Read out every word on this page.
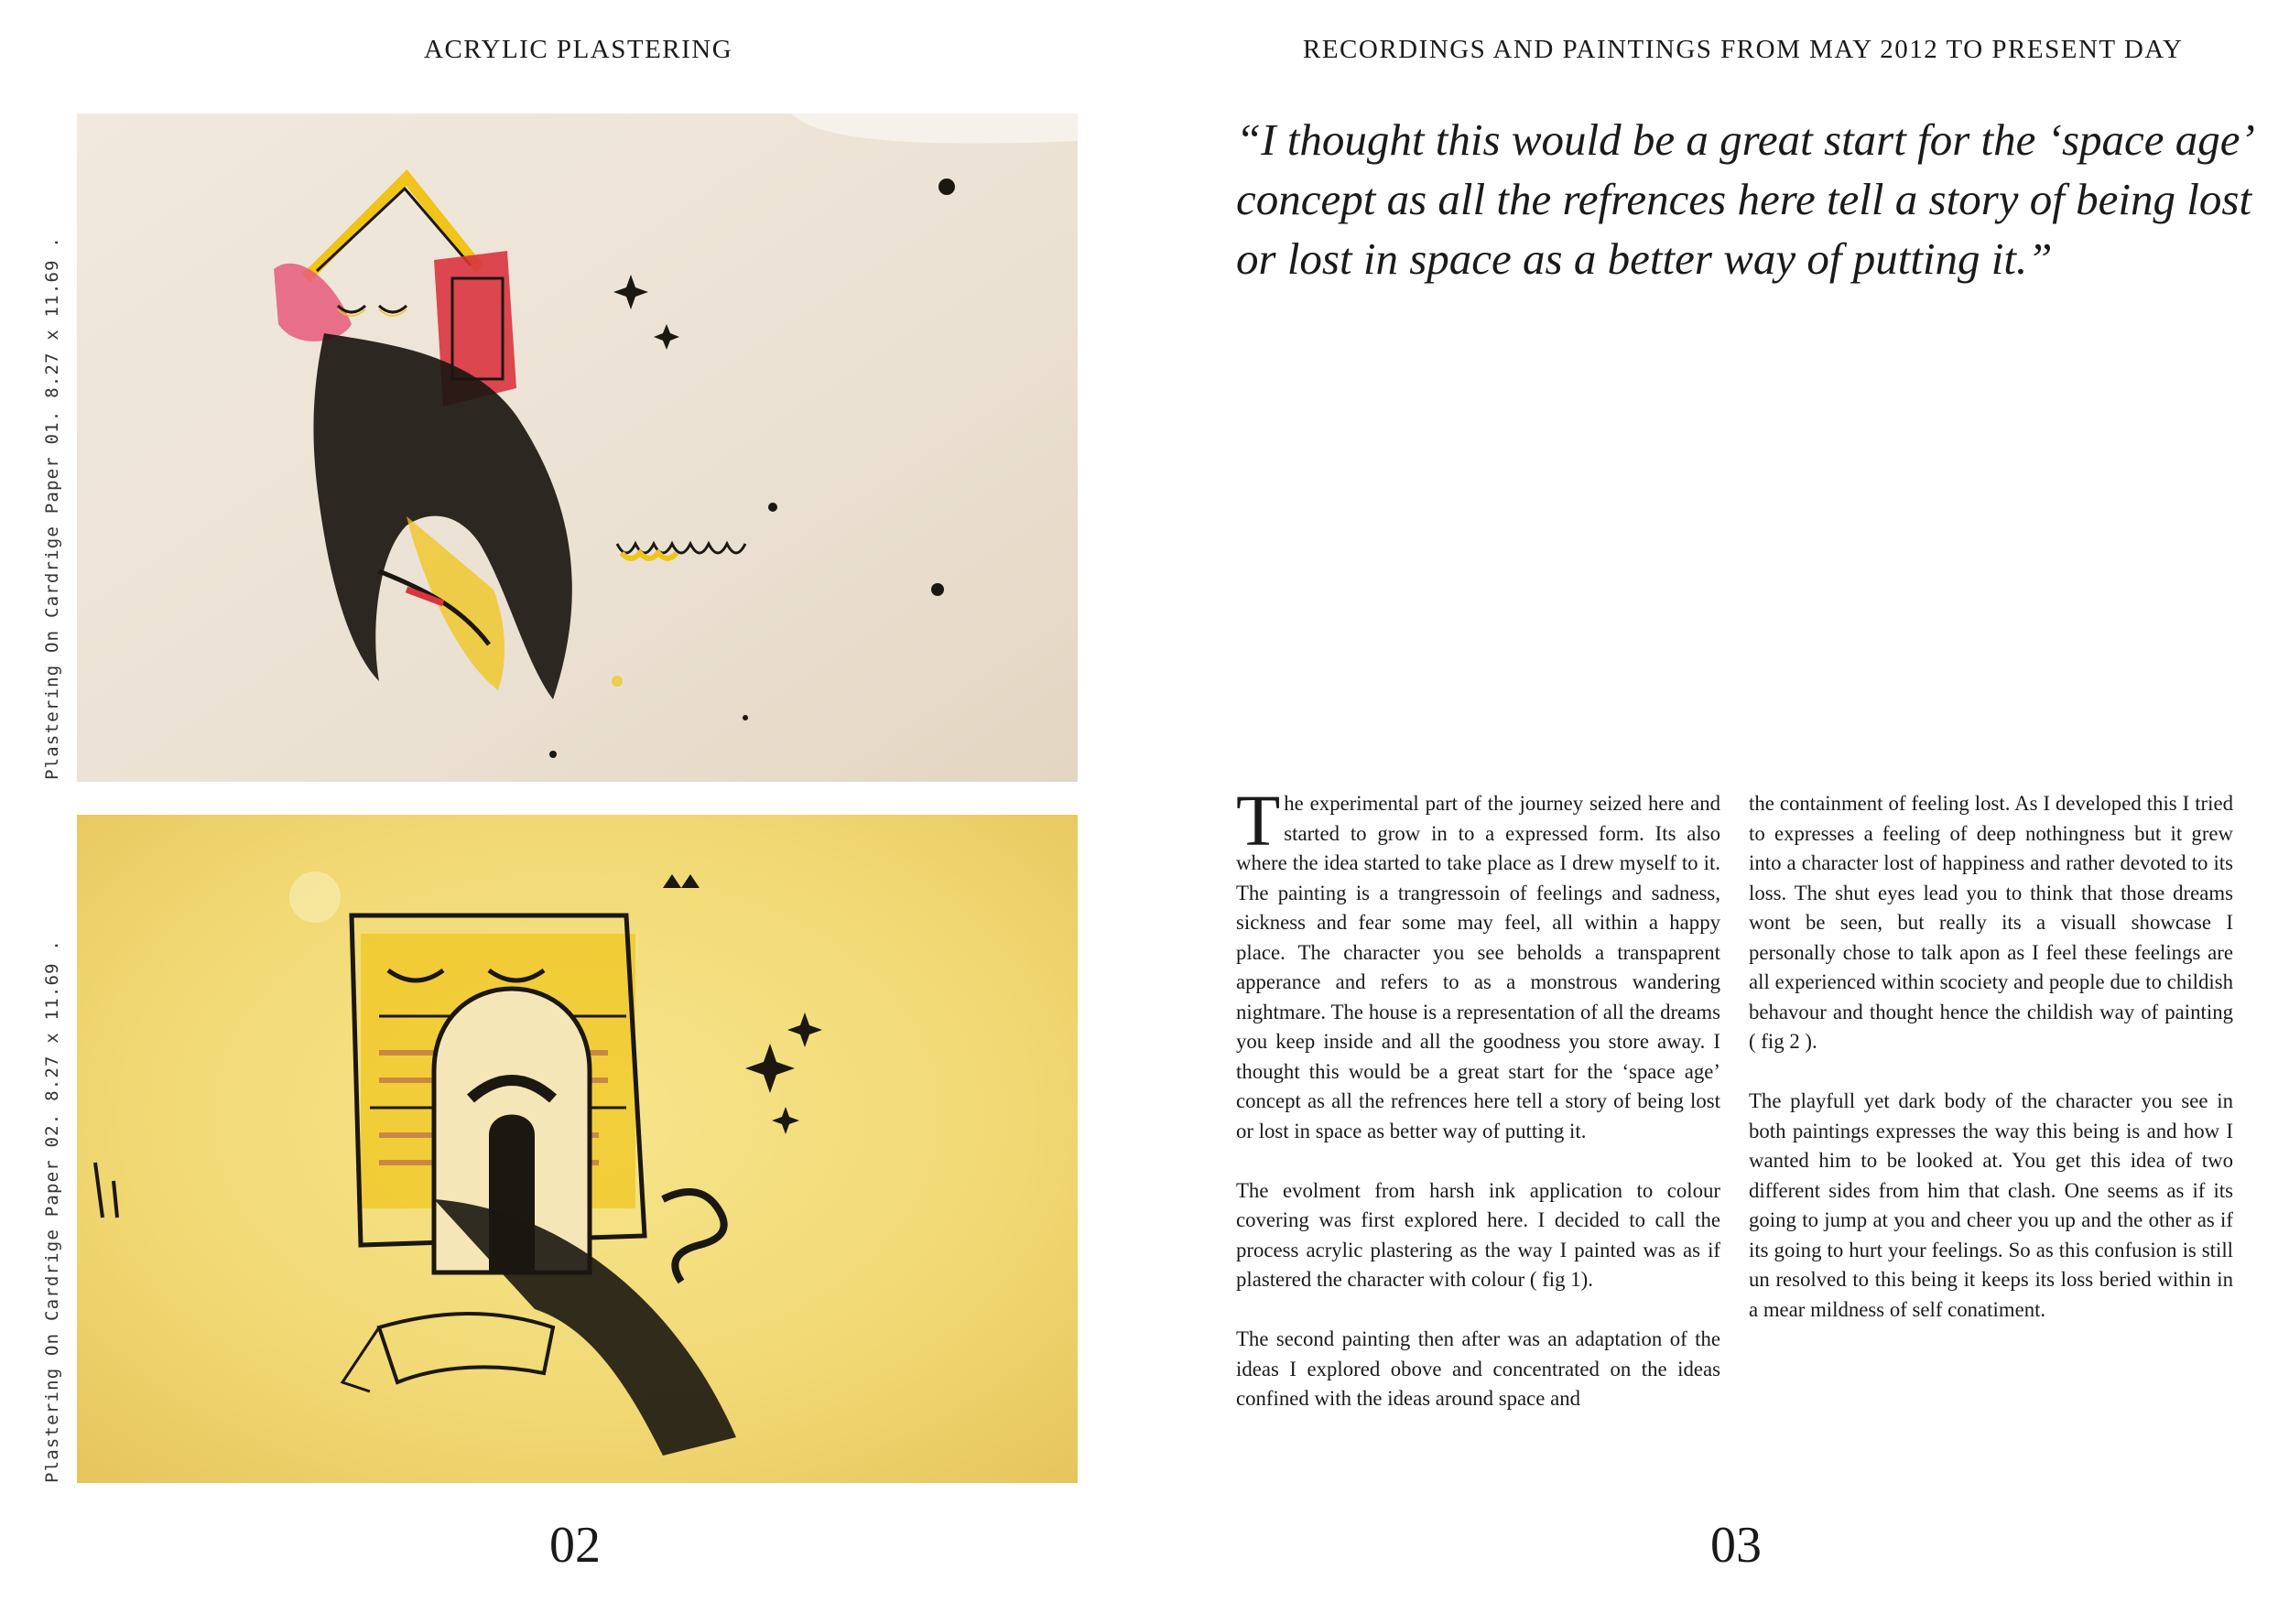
ACRYLIC PLASTERING	RECORDINGS AND PAINTINGS FROM MAY 2012 TO PRESENT DAY
Plastering On Cardrige Paper 01. 8.27 x 11.69 .
Plastering On Cardrige Paper 02. 8.27 x 11.69 .
02	03

“I thought this would be a great start for the ‘space age’ concept as all the refrences here tell a story of being lost or lost in space as a better way of putting it.”

The experimental part of the journey seized here and started to grow in to a expressed form. Its also where the idea started to take place as I drew myself to it. The painting is a trangressoin of feelings and sadness, sickness and fear some may feel, all within a happy place. The character you see beholds a transpaprent apperance and refers to as a monstrous wandering nightmare. The house is a representation of all the dreams you keep inside and all the goodness you store away. I thought this would be a great start for the ‘space age’ concept as all the refrences here tell a story of being lost or lost in space as better way of putting it.

The evolment from harsh ink application to colour covering was first explored here. I decided to call the process acrylic plastering as the way I painted was as if plastered the character with colour ( fig 1).

The second painting then after was an adaptation of the ideas I explored obove and concentrated on the ideas confined with the ideas around space and

the containment of feeling lost. As I developed this I tried to expresses a feeling of deep nothingness but it grew into a character lost of happiness and rather devoted to its loss. The shut eyes lead you to think that those dreams wont be seen, but really its a visuall showcase I personally chose to talk apon as I feel these feelings are all experienced within scociety and people due to childish behavour and thought hence the childish way of painting ( fig 2 ).

The playfull yet dark body of the character you see in both paintings expresses the way this being is and how I wanted him to be looked at. You get this idea of two different sides from him that clash. One seems as if its going to jump at you and cheer you up and the other as if its going to hurt your feelings. So as this confusion is still un resolved to this being it keeps its loss beried within in a mear mildness of self conatiment.
